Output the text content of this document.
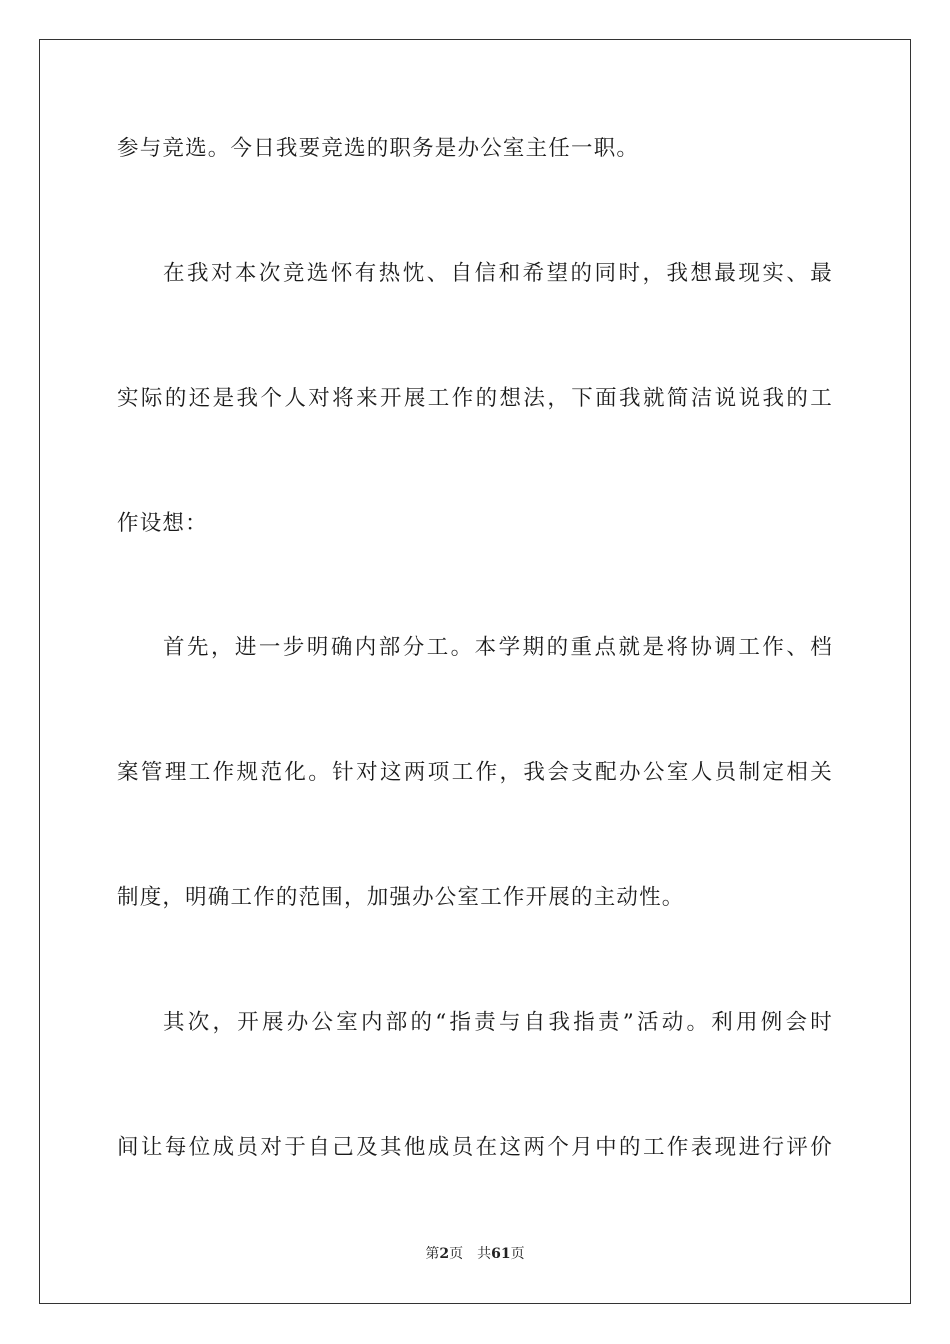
参与竞选。今日我要竞选的职务是办公室主任一职。
在我对本次竞选怀有热忱、自信和希望的同时，我想最现实、最
实际的还是我个人对将来开展工作的想法，下面我就简洁说说我的工
作设想：
首先，进一步明确内部分工。本学期的重点就是将协调工作、档
案管理工作规范化。针对这两项工作，我会支配办公室人员制定相关
制度，明确工作的范围，加强办公室工作开展的主动性。
其次，开展办公室内部的“指责与自我指责”活动。利用例会时
间让每位成员对于自己及其他成员在这两个月中的工作表现进行评价
第2页 共61页
